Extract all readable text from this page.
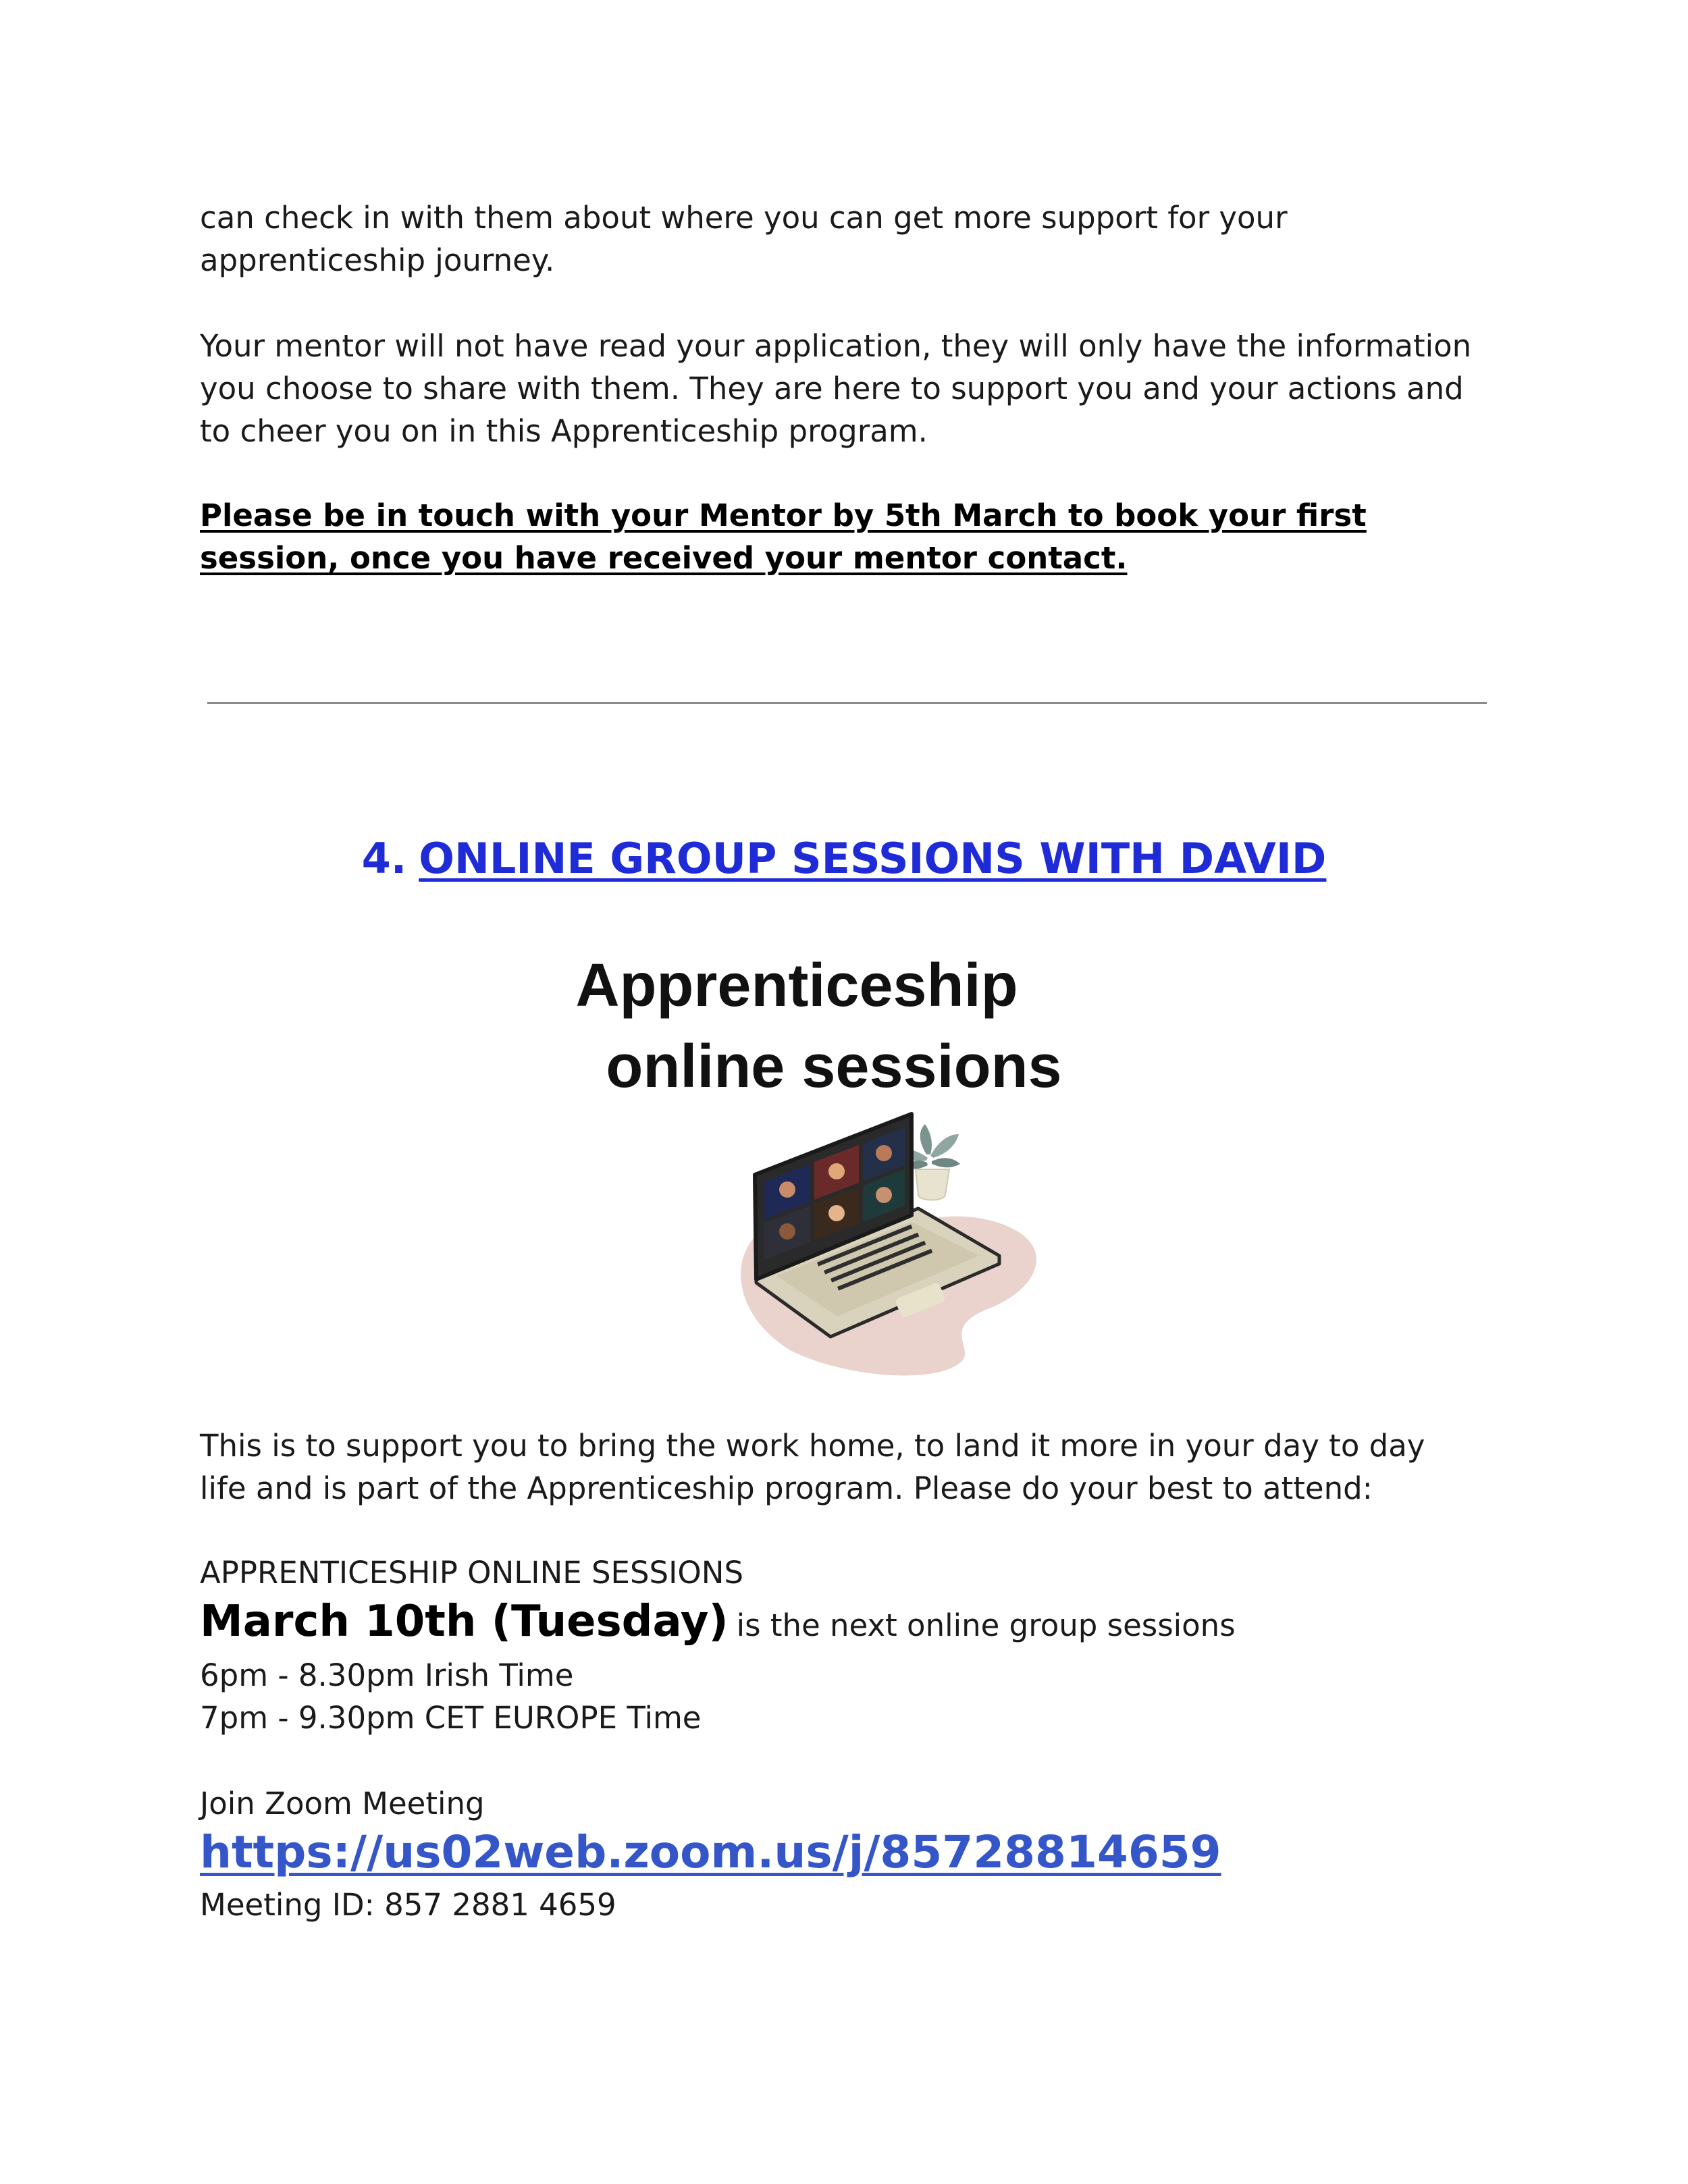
can check in with them about where you can get more support for your
apprenticeship journey.
Your mentor will not have read your application, they will only have the information
you choose to share with them. They are here to support you and your actions and
to cheer you on in this Apprenticeship program.
Please be in touch with your Mentor by 5th March to book your first
session, once you have received your mentor contact.
4. ONLINE GROUP SESSIONS WITH DAVID
Apprenticeship
online sessions
This is to support you to bring the work home, to land it more in your day to day
life and is part of the Apprenticeship program. Please do your best to attend:
APPRENTICESHIP ONLINE SESSIONS
March 10th (Tuesday) is the next online group sessions
6pm - 8.30pm Irish Time
7pm - 9.30pm CET EUROPE Time
Join Zoom Meeting
https://us02web.zoom.us/j/85728814659
Meeting ID: 857 2881 4659
